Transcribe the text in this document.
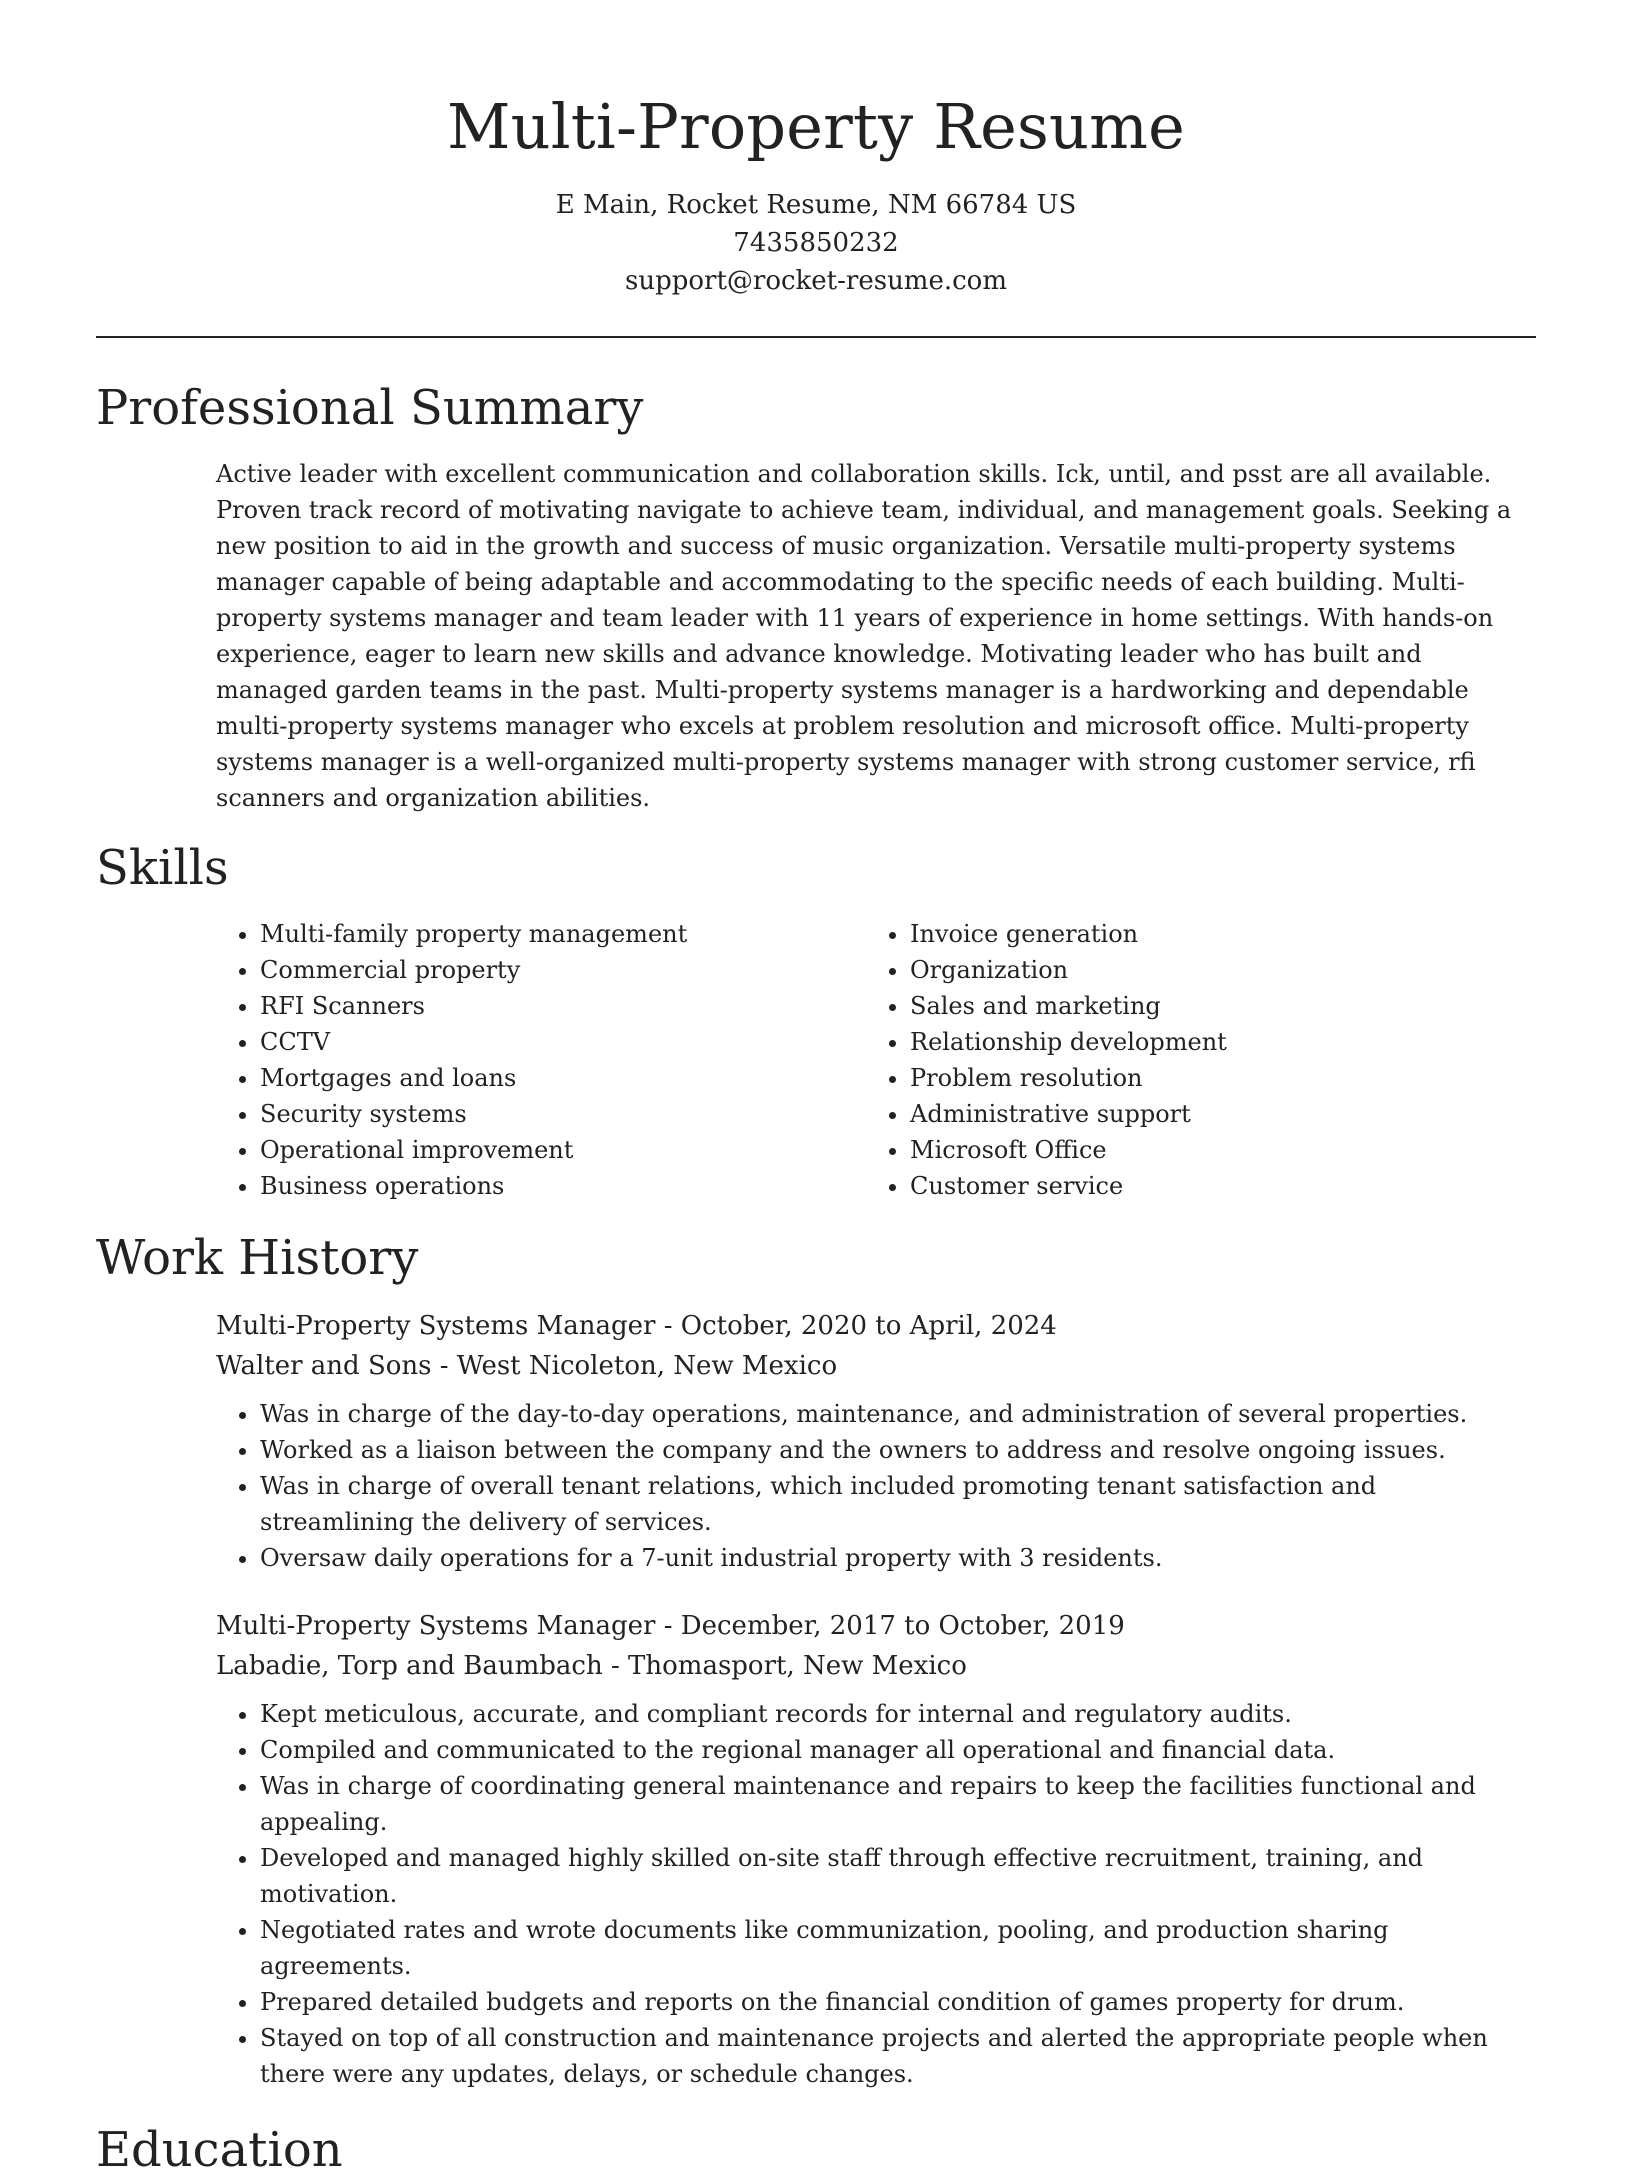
Multi-Property Resume
E Main, Rocket Resume, NM 66784 US
7435850232
support@rocket-resume.com
Professional Summary

Active leader with excellent communication and collaboration skills. Ick, until, and psst are all available. Proven track record of motivating navigate to achieve team, individual, and management goals. Seeking a new position to aid in the growth and success of music organization. Versatile multi-property systems manager capable of being adaptable and accommodating to the specific needs of each building. Multi-property systems manager and team leader with 11 years of experience in home settings. With hands-on experience, eager to learn new skills and advance knowledge. Motivating leader who has built and managed garden teams in the past. Multi-property systems manager is a hardworking and dependable multi-property systems manager who excels at problem resolution and microsoft office. Multi-property systems manager is a well-organized multi-property systems manager with strong customer service, rfi scanners and organization abilities.

Skills
• Multi-family property management
• Commercial property
• RFI Scanners
• CCTV
• Mortgages and loans
• Security systems
• Operational improvement
• Business operations
• Invoice generation
• Organization
• Sales and marketing
• Relationship development
• Problem resolution
• Administrative support
• Microsoft Office
• Customer service
Work History
Multi-Property Systems Manager - October, 2020 to April, 2024
Walter and Sons - West Nicoleton, New Mexico
• Was in charge of the day-to-day operations, maintenance, and administration of several properties.
• Worked as a liaison between the company and the owners to address and resolve ongoing issues.
• Was in charge of overall tenant relations, which included promoting tenant satisfaction and streamlining the delivery of services.
• Oversaw daily operations for a 7-unit industrial property with 3 residents.
Multi-Property Systems Manager - December, 2017 to October, 2019
Labadie, Torp and Baumbach - Thomasport, New Mexico
• Kept meticulous, accurate, and compliant records for internal and regulatory audits.
• Compiled and communicated to the regional manager all operational and financial data.
• Was in charge of coordinating general maintenance and repairs to keep the facilities functional and appealing.
• Developed and managed highly skilled on-site staff through effective recruitment, training, and motivation.
• Negotiated rates and wrote documents like communization, pooling, and production sharing agreements.
• Prepared detailed budgets and reports on the financial condition of games property for drum.
• Stayed on top of all construction and maintenance projects and alerted the appropriate people when there were any updates, delays, or schedule changes.
Education
